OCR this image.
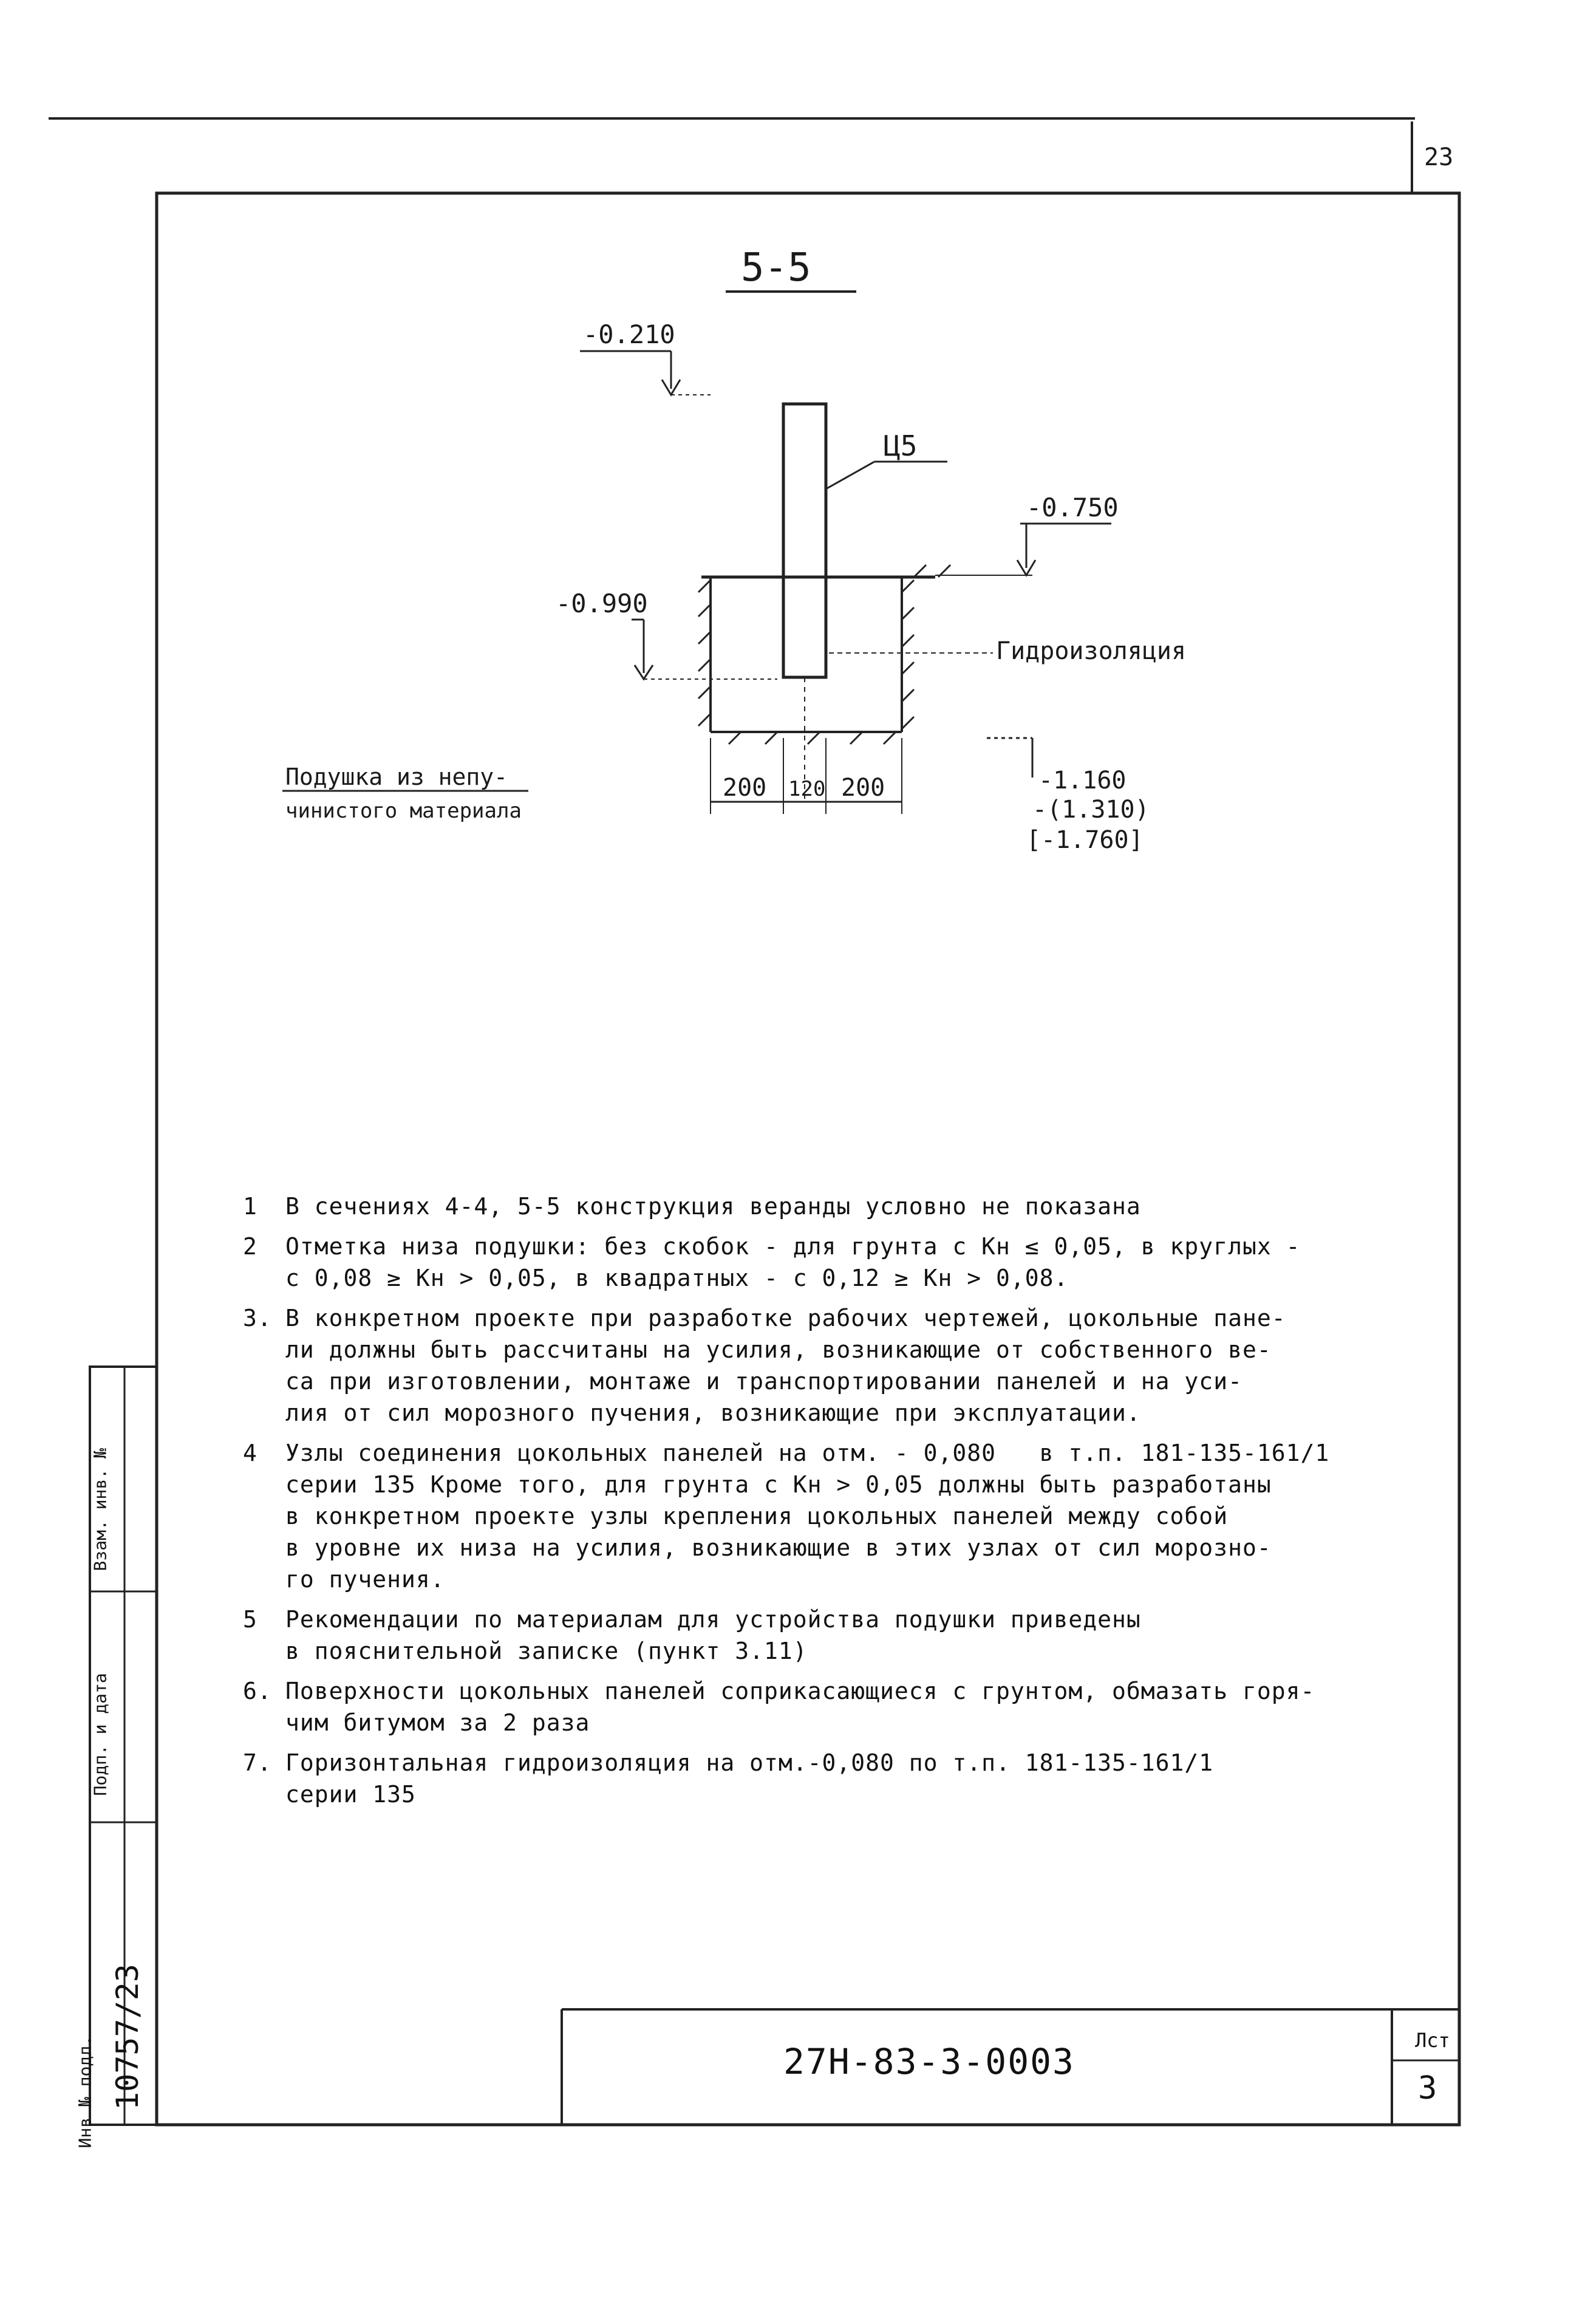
23
5-5
-0.210
Ц5
-0.750
-0.990
Гидроизоляция
-1.160
-(1.310)
[-1.760]
200 120 200
Подушка из непу-
чинистого материала
1	В сечениях 4-4, 5-5 конструкция веранды условно не показана
2	Отметка низа подушки: без скобок - для грунта с Кн ≤ 0,05, в круглых -
с 0,08 ≥ Кн > 0,05, в квадратных - с 0,12 ≥ Кн > 0,08.
3. В конкретном проекте при разработке рабочих чертежей, цокольные пане-
ли должны быть рассчитаны на усилия, возникающие от собственного ве-
са при изготовлении, монтаже и транспортировании панелей и на уси-
лия от сил морозного пучения, возникающие при эксплуатации.
4	Узлы соединения цокольных панелей на отм. - 0,080   в т.п. 181-135-161/1
серии 135 Кроме того, для грунта с Кн > 0,05 должны быть разработаны
в конкретном проекте узлы крепления цокольных панелей между собой
в уровне их низа на усилия, возникающие в этих узлах от сил морозно-
го пучения.
5	Рекомендации по материалам для устройства подушки приведены
в пояснительной записке (пункт 3.11)
6. Поверхности цокольных панелей соприкасающиеся с грунтом, обмазать горя-
чим битумом за 2 раза
7. Горизонтальная гидроизоляция на отм.-0,080 по т.п. 181-135-161/1
серии 135
27Н-83-3-0003
Лст
3
Инв № подл. 10757/23
Подп. и дата
Взам. инв. №
